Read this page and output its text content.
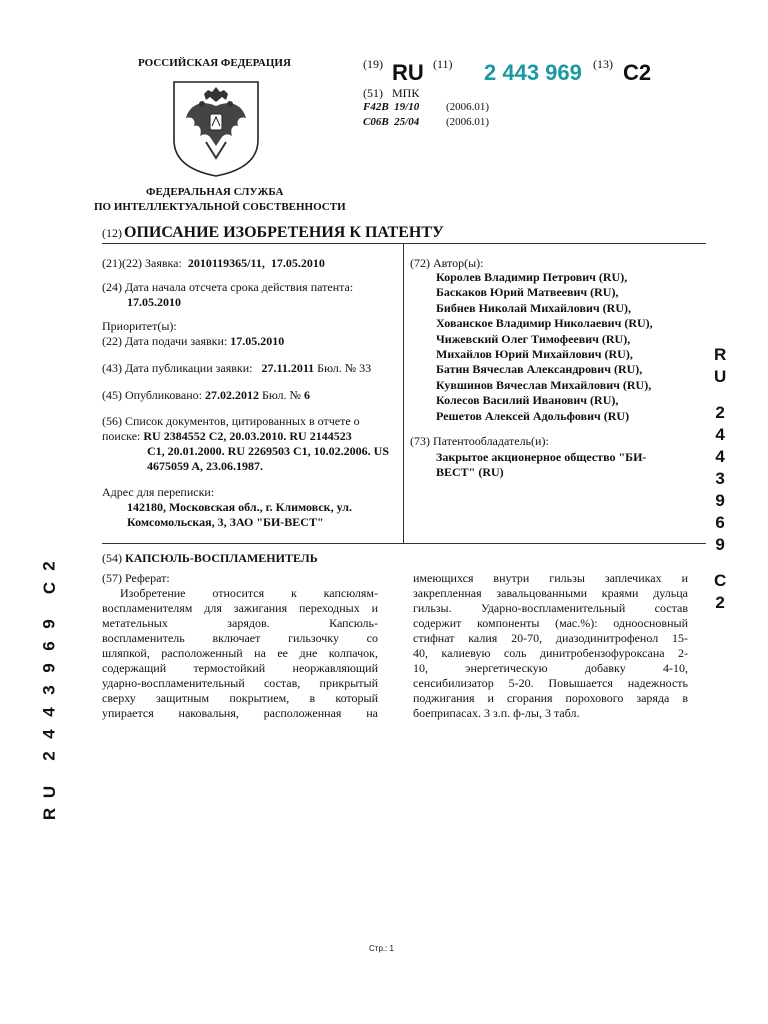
РОССИЙСКАЯ ФЕДЕРАЦИЯ
ФЕДЕРАЛЬНАЯ СЛУЖБА
ПО ИНТЕЛЛЕКТУАЛЬНОЙ СОБСТВЕННОСТИ
(19) RU (11) 2 443 969 (13) C2
(51) МПК
F42B  19/10 (2006.01)
C06B  25/04 (2006.01)
(12) ОПИСАНИЕ ИЗОБРЕТЕНИЯ К ПАТЕНТУ
(21)(22) Заявка: 2010119365/11,  17.05.2010
(24) Дата начала отсчета срока действия патента:
17.05.2010
Приоритет(ы):
(22) Дата подачи заявки: 17.05.2010
(43) Дата публикации заявки: 27.11.2011 Бюл. № 33
(45) Опубликовано: 27.02.2012 Бюл. № 6
(56) Список документов, цитированных в отчете о
поиске: RU 2384552 C2, 20.03.2010. RU 2144523
C1, 20.01.2000. RU 2269503 C1, 10.02.2006. US
4675059 A, 23.06.1987.
Адрес для переписки:
142180, Московская обл., г. Климовск, ул.
Комсомольская, 3, ЗАО "БИ-ВЕСТ"
(72) Автор(ы):
Королев Владимир Петрович (RU),
Баскаков Юрий Матвеевич (RU),
Бибнев Николай Михайлович (RU),
Хованское Владимир Николаевич (RU),
Чижевский Олег Тимофеевич (RU),
Михайлов Юрий Михайлович (RU),
Батин Вячеслав Александрович (RU),
Кувшинов Вячеслав Михайлович (RU),
Колесов Василий Иванович (RU),
Решетов Алексей Адольфович (RU)
(73) Патентообладатель(и):
Закрытое акционерное общество "БИ-
ВЕСТ" (RU)
(54) КАПСЮЛЬ-ВОСПЛАМЕНИТЕЛЬ
(57) Реферат:
Изобретение относится к капсюлям-
воспламенителям для зажигания переходных и
метательных зарядов. Капсюль-
воспламенитель включает гильзочку со
шляпкой, расположенный на ее дне колпачок,
содержащий термостойкий неоржавляющий
ударно-воспламенительный состав, прикрытый
сверху защитным покрытием, в который
упирается наковальня, расположенная на
имеющихся внутри гильзы заплечиках и
закрепленная завальцованными краями дульца
гильзы. Ударно-воспламенительный состав
содержит компоненты (мас.%): одноосновный
стифнат калия 20-70, диазодинитрофенол 15-
40, калиевую соль динитробензофуроксана 2-
10, энергетическую добавку 4-10,
сенсибилизатор 5-20. Повышается надежность
поджигания и сгорания порохового заряда в
боеприпасах. 3 з.п. ф-лы, 3 табл.
R
U
2
4
4
3
9
6
9
C
2
2
C
9
6
9
3
4
4
2
U
R
Стр.: 1
